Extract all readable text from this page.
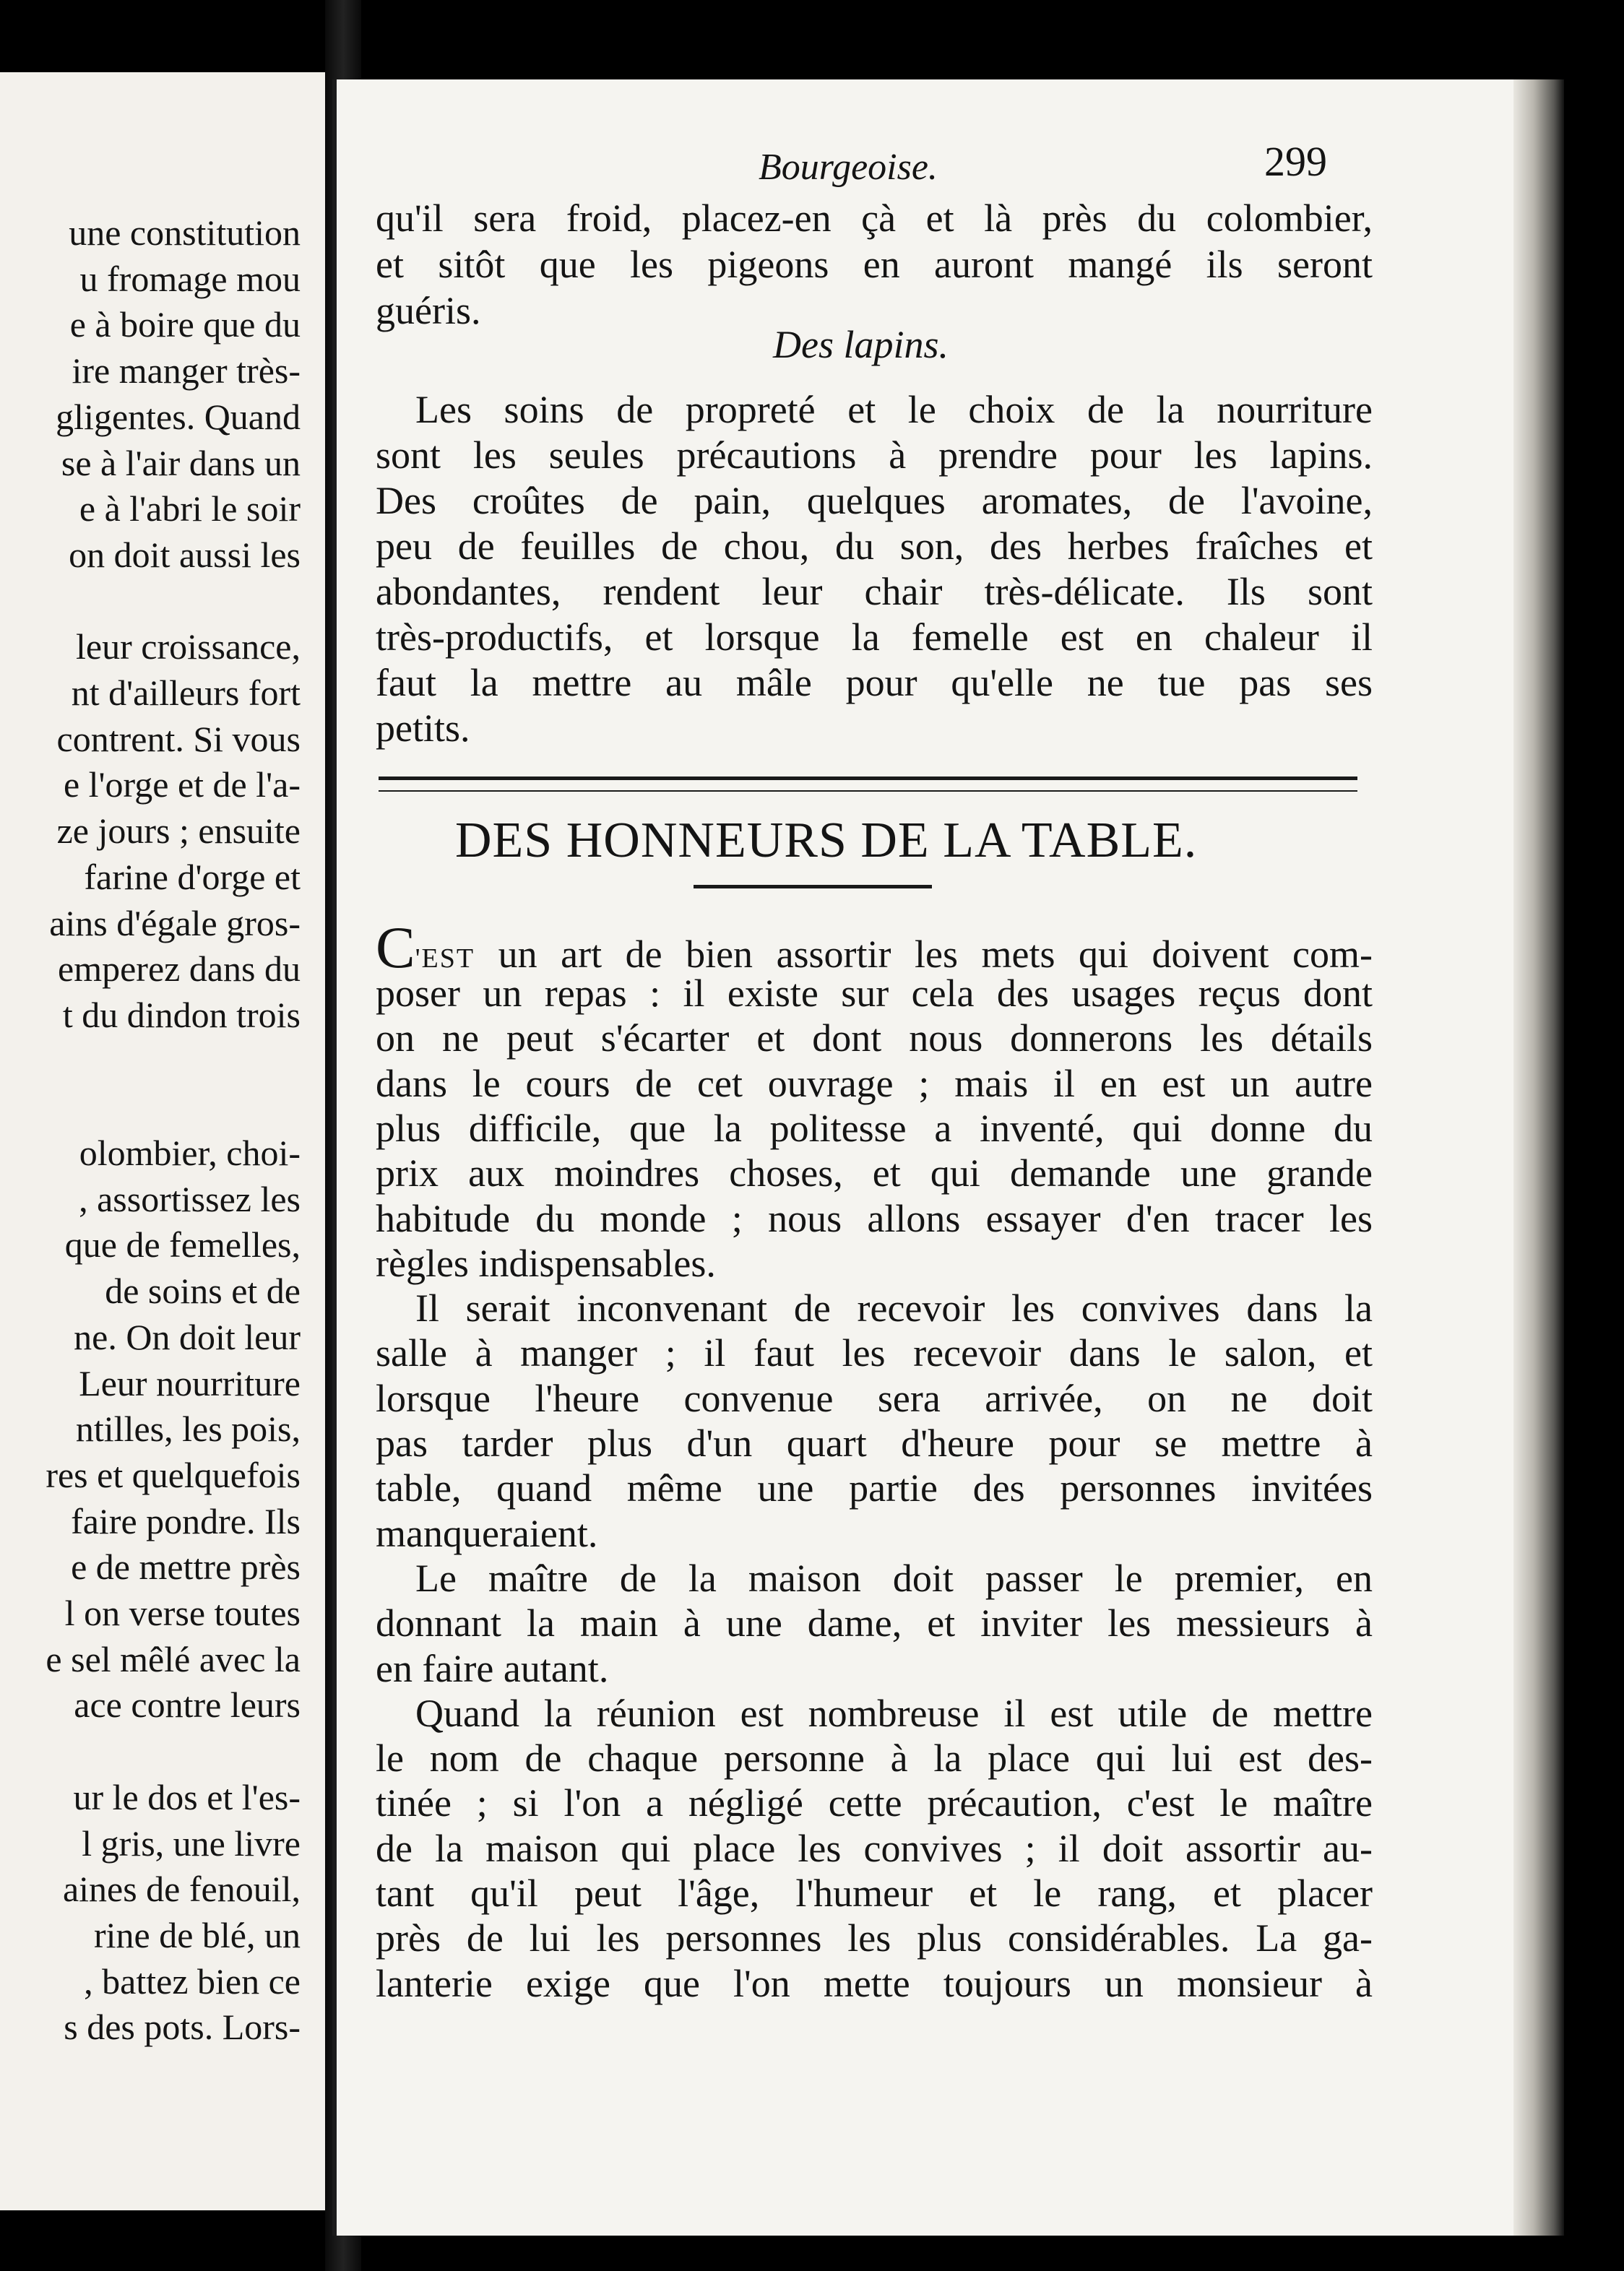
une constitution
u fromage mou
e à boire que du
ire manger très-
gligentes. Quand
se à l'air dans un
e à l'abri le soir
on doit aussi les
leur croissance,
nt d'ailleurs fort
contrent. Si vous
e l'orge et de l'a-
ze jours ; ensuite
farine d'orge et
ains d'égale gros-
emperez dans du
t du dindon trois
olombier, choi-
, assortissez les
que de femelles,
de soins et de
ne. On doit leur
Leur nourriture
ntilles, les pois,
res et quelquefois
faire pondre. Ils
e de mettre près
l on verse toutes
e sel mêlé avec la
ace contre leurs
ur le dos et l'es-
l gris, une livre
aines de fenouil,
rine de blé, un
, battez bien ce
s des pots. Lors-
Bourgeoise.	299
qu'il sera froid, placez-en çà et là près du colombier,
et sitôt que les pigeons en auront mangé ils seront
guéris.
Des lapins.
Les soins de propreté et le choix de la nourriture
sont les seules précautions à prendre pour les lapins.
Des croûtes de pain, quelques aromates, de l'avoine,
peu de feuilles de chou, du son, des herbes fraîches et
abondantes, rendent leur chair très-délicate. Ils sont
très-productifs, et lorsque la femelle est en chaleur il
faut la mettre au mâle pour qu'elle ne tue pas ses
petits.
DES HONNEURS DE LA TABLE.
C'EST un art de bien assortir les mets qui doivent com-
poser un repas : il existe sur cela des usages reçus dont
on ne peut s'écarter et dont nous donnerons les détails
dans le cours de cet ouvrage ; mais il en est un autre
plus difficile, que la politesse a inventé, qui donne du
prix aux moindres choses, et qui demande une grande
habitude du monde ; nous allons essayer d'en tracer les
règles indispensables.
Il serait inconvenant de recevoir les convives dans la
salle à manger ; il faut les recevoir dans le salon, et
lorsque l'heure convenue sera arrivée, on ne doit
pas tarder plus d'un quart d'heure pour se mettre à
table, quand même une partie des personnes invitées
manqueraient.
Le maître de la maison doit passer le premier, en
donnant la main à une dame, et inviter les messieurs à
en faire autant.
Quand la réunion est nombreuse il est utile de mettre
le nom de chaque personne à la place qui lui est des-
tinée ; si l'on a négligé cette précaution, c'est le maître
de la maison qui place les convives ; il doit assortir au-
tant qu'il peut l'âge, l'humeur et le rang, et placer
près de lui les personnes les plus considérables. La ga-
lanterie exige que l'on mette toujours un monsieur à
